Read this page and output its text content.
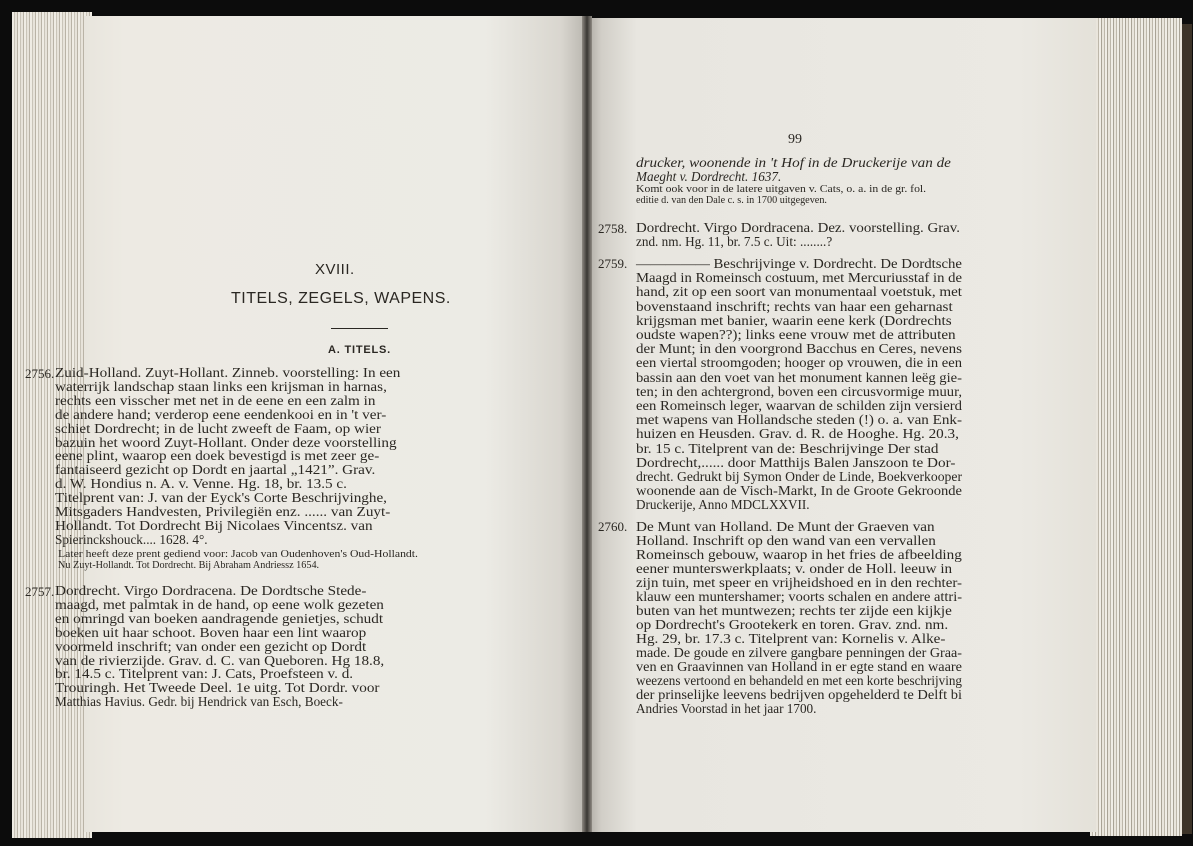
XVIII.
TITELS, ZEGELS, WAPENS.
A. TITELS.
2756.
2757.
99
2758.
2759.
2760.
Zuid-Holland. Zuyt-Hollant. Zinneb. voorstelling: In een
waterrijk landschap staan links een krijsman in harnas,
rechts een visscher met net in de eene en een zalm in
de andere hand; verderop eene eendenkooi en in 't ver-
schiet Dordrecht; in de lucht zweeft de Faam, op wier
bazuin het woord Zuyt-Hollant. Onder deze voorstelling
eene plint, waarop een doek bevestigd is met zeer ge-
fantaiseerd gezicht op Dordt en jaartal „1421”. Grav.
d. W. Hondius n. A. v. Venne. Hg. 18, br. 13.5 c.
Titelprent van: J. van der Eyck's Corte Beschrijvinghe,
Mitsgaders Handvesten, Privilegiën enz. ...... van Zuyt-
Hollandt. Tot Dordrecht Bij Nicolaes Vincentsz. van
Spierinckshouck.... 1628. 4°.
Later heeft deze prent gediend voor: Jacob van Oudenhoven's Oud-Hollandt.
Nu Zuyt-Hollandt. Tot Dordrecht. Bij Abraham Andriessz 1654.
Dordrecht. Virgo Dordracena. De Dordtsche Stede-
maagd, met palmtak in de hand, op eene wolk gezeten
en omringd van boeken aandragende genietjes, schudt
boeken uit haar schoot. Boven haar een lint waarop
voormeld inschrift; van onder een gezicht op Dordt
van de rivierzijde. Grav. d. C. van Queboren. Hg 18.8,
br. 14.5 c. Titelprent van: J. Cats, Proefsteen v. d.
Trouringh. Het Tweede Deel. 1e uitg. Tot Dordr. voor
Matthias Havius. Gedr. bij Hendrick van Esch, Boeck-
drucker, woonende in 't Hof in de Druckerije van de
Maeght v. Dordrecht. 1637.
Komt ook voor in de latere uitgaven v. Cats, o. a. in de gr. fol.
editie d. van den Dale c. s. in 1700 uitgegeven.
Dordrecht. Virgo Dordracena. Dez. voorstelling. Grav.
znd. nm. Hg. 11, br. 7.5 c. Uit: ........?
————— Beschrijvinge v. Dordrecht. De Dordtsche
Maagd in Romeinsch costuum, met Mercuriusstaf in de
hand, zit op een soort van monumentaal voetstuk, met
bovenstaand inschrift; rechts van haar een geharnast
krijgsman met banier, waarin eene kerk (Dordrechts
oudste wapen??); links eene vrouw met de attributen
der Munt; in den voorgrond Bacchus en Ceres, nevens
een viertal stroomgoden; hooger op vrouwen, die in een
bassin aan den voet van het monument kannen leëg gie-
ten; in den achtergrond, boven een circusvormige muur,
een Romeinsch leger, waarvan de schilden zijn versierd
met wapens van Hollandsche steden (!) o. a. van Enk-
huizen en Heusden. Grav. d. R. de Hooghe. Hg. 20.3,
br. 15 c. Titelprent van de: Beschrijvinge Der stad
Dordrecht,...... door Matthijs Balen Janszoon te Dor-
drecht. Gedrukt bij Symon Onder de Linde, Boekverkooper
woonende aan de Visch-Markt, In de Groote Gekroonde
Druckerije, Anno MDCLXXVII.
De Munt van Holland. De Munt der Graeven van
Holland. Inschrift op den wand van een vervallen
Romeinsch gebouw, waarop in het fries de afbeelding
eener munterswerkplaats; v. onder de Holl. leeuw in
zijn tuin, met speer en vrijheidshoed en in den rechter-
klauw een muntershamer; voorts schalen en andere attri-
buten van het muntwezen; rechts ter zijde een kijkje
op Dordrecht's Grootekerk en toren. Grav. znd. nm.
Hg. 29, br. 17.3 c. Titelprent van: Kornelis v. Alke-
made. De goude en zilvere gangbare penningen der Graa-
ven en Graavinnen van Holland in er egte stand en waare
weezens vertoond en behandeld en met een korte beschrijving
der prinselijke leevens bedrijven opgehelderd te Delft bi
Andries Voorstad in het jaar 1700.
